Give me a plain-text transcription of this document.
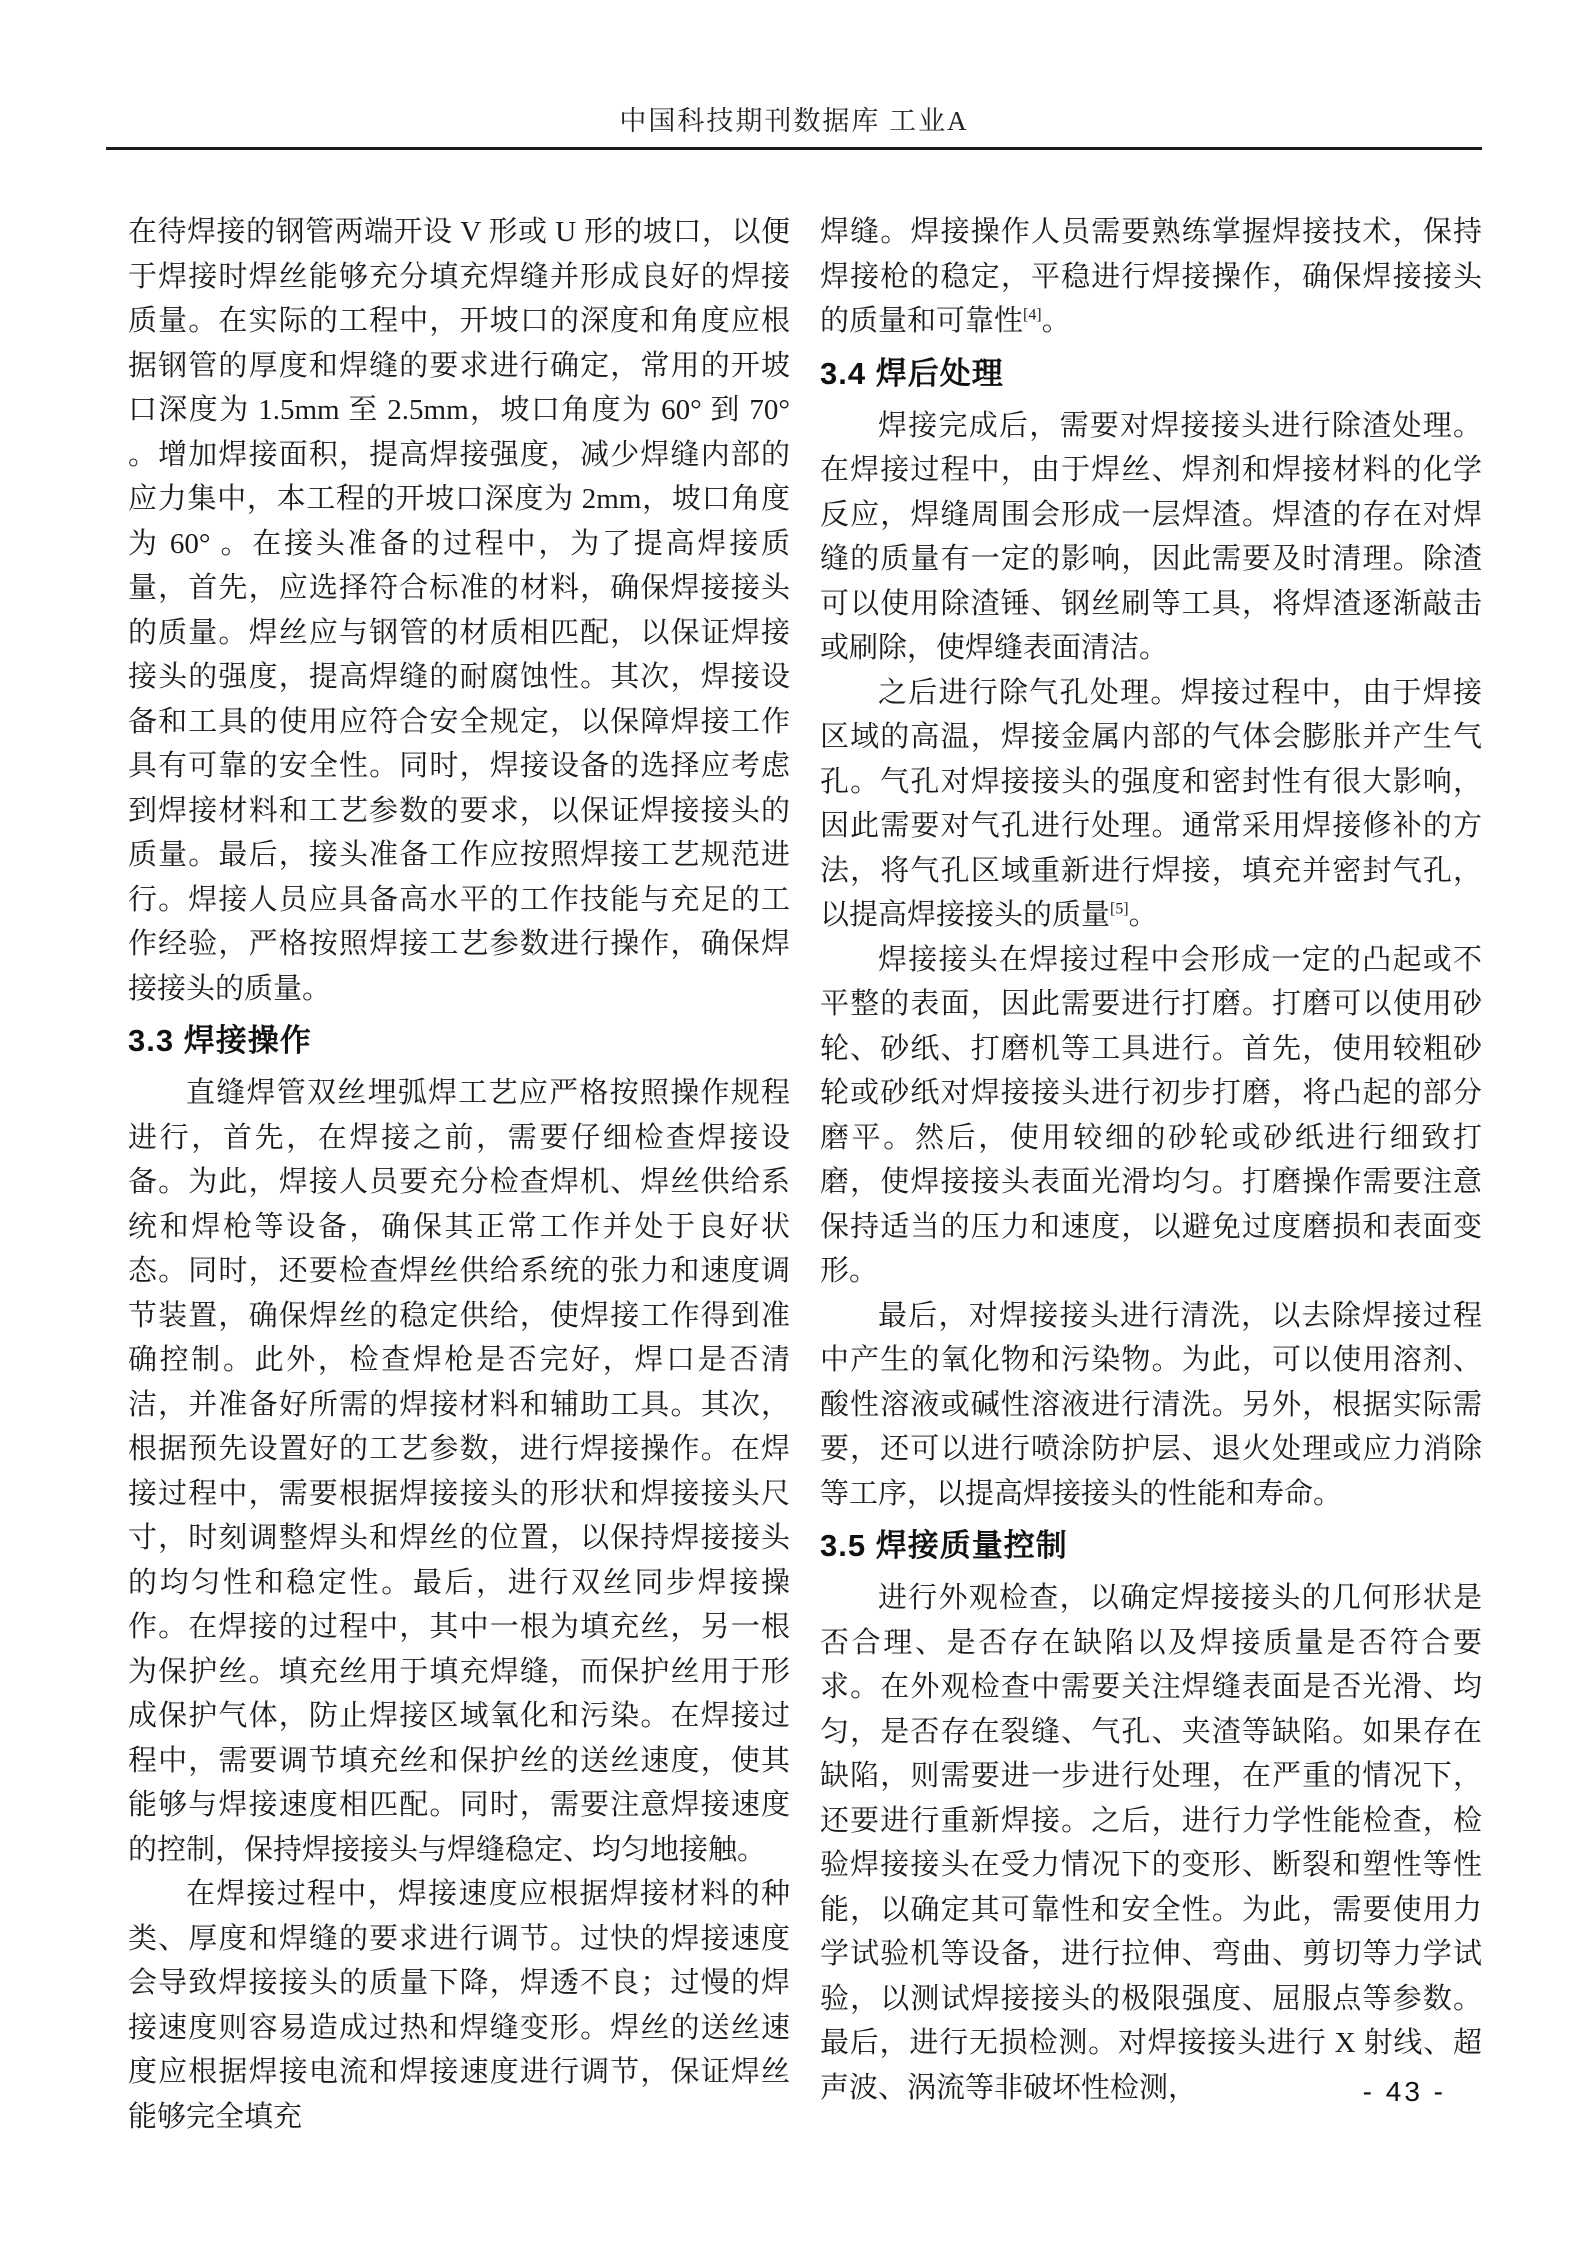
中国科技期刊数据库 工业A

在待焊接的钢管两端开设 V 形或 U 形的坡口，以便于焊接时焊丝能够充分填充焊缝并形成良好的焊接质量。在实际的工程中，开坡口的深度和角度应根据钢管的厚度和焊缝的要求进行确定，常用的开坡口深度为 1.5mm 至 2.5mm，坡口角度为 60° 到 70° 。增加焊接面积，提高焊接强度，减少焊缝内部的应力集中，本工程的开坡口深度为 2mm，坡口角度为 60° 。在接头准备的过程中，为了提高焊接质量，首先，应选择符合标准的材料，确保焊接接头的质量。焊丝应与钢管的材质相匹配，以保证焊接接头的强度，提高焊缝的耐腐蚀性。其次，焊接设备和工具的使用应符合安全规定，以保障焊接工作具有可靠的安全性。同时，焊接设备的选择应考虑到焊接材料和工艺参数的要求，以保证焊接接头的质量。最后，接头准备工作应按照焊接工艺规范进行。焊接人员应具备高水平的工作技能与充足的工作经验，严格按照焊接工艺参数进行操作，确保焊接接头的质量。

3.3 焊接操作

直缝焊管双丝埋弧焊工艺应严格按照操作规程进行，首先，在焊接之前，需要仔细检查焊接设备。为此，焊接人员要充分检查焊机、焊丝供给系统和焊枪等设备，确保其正常工作并处于良好状态。同时，还要检查焊丝供给系统的张力和速度调节装置，确保焊丝的稳定供给，使焊接工作得到准确控制。此外，检查焊枪是否完好，焊口是否清洁，并准备好所需的焊接材料和辅助工具。其次，根据预先设置好的工艺参数，进行焊接操作。在焊接过程中，需要根据焊接接头的形状和焊接接头尺寸，时刻调整焊头和焊丝的位置，以保持焊接接头的均匀性和稳定性。最后，进行双丝同步焊接操作。在焊接的过程中，其中一根为填充丝，另一根为保护丝。填充丝用于填充焊缝，而保护丝用于形成保护气体，防止焊接区域氧化和污染。在焊接过程中，需要调节填充丝和保护丝的送丝速度，使其能够与焊接速度相匹配。同时，需要注意焊接速度的控制，保持焊接接头与焊缝稳定、均匀地接触。

在焊接过程中，焊接速度应根据焊接材料的种类、厚度和焊缝的要求进行调节。过快的焊接速度会导致焊接接头的质量下降，焊透不良；过慢的焊接速度则容易造成过热和焊缝变形。焊丝的送丝速度应根据焊接电流和焊接速度进行调节，保证焊丝能够完全填充

焊缝。焊接操作人员需要熟练掌握焊接技术，保持焊接枪的稳定，平稳进行焊接操作，确保焊接接头的质量和可靠性[4]。

3.4 焊后处理

焊接完成后，需要对焊接接头进行除渣处理。在焊接过程中，由于焊丝、焊剂和焊接材料的化学反应，焊缝周围会形成一层焊渣。焊渣的存在对焊缝的质量有一定的影响，因此需要及时清理。除渣可以使用除渣锤、钢丝刷等工具，将焊渣逐渐敲击或刷除，使焊缝表面清洁。

之后进行除气孔处理。焊接过程中，由于焊接区域的高温，焊接金属内部的气体会膨胀并产生气孔。气孔对焊接接头的强度和密封性有很大影响，因此需要对气孔进行处理。通常采用焊接修补的方法，将气孔区域重新进行焊接，填充并密封气孔，以提高焊接接头的质量[5]。

焊接接头在焊接过程中会形成一定的凸起或不平整的表面，因此需要进行打磨。打磨可以使用砂轮、砂纸、打磨机等工具进行。首先，使用较粗砂轮或砂纸对焊接接头进行初步打磨，将凸起的部分磨平。然后，使用较细的砂轮或砂纸进行细致打磨，使焊接接头表面光滑均匀。打磨操作需要注意保持适当的压力和速度，以避免过度磨损和表面变形。

最后，对焊接接头进行清洗，以去除焊接过程中产生的氧化物和污染物。为此，可以使用溶剂、酸性溶液或碱性溶液进行清洗。另外，根据实际需要，还可以进行喷涂防护层、退火处理或应力消除等工序，以提高焊接接头的性能和寿命。

3.5 焊接质量控制

进行外观检查，以确定焊接接头的几何形状是否合理、是否存在缺陷以及焊接质量是否符合要求。在外观检查中需要关注焊缝表面是否光滑、均匀，是否存在裂缝、气孔、夹渣等缺陷。如果存在缺陷，则需要进一步进行处理，在严重的情况下，还要进行重新焊接。之后，进行力学性能检查，检验焊接接头在受力情况下的变形、断裂和塑性等性能，以确定其可靠性和安全性。为此，需要使用力学试验机等设备，进行拉伸、弯曲、剪切等力学试验，以测试焊接接头的极限强度、屈服点等参数。最后，进行无损检测。对焊接接头进行 X 射线、超声波、涡流等非破坏性检测，	- 43 -
